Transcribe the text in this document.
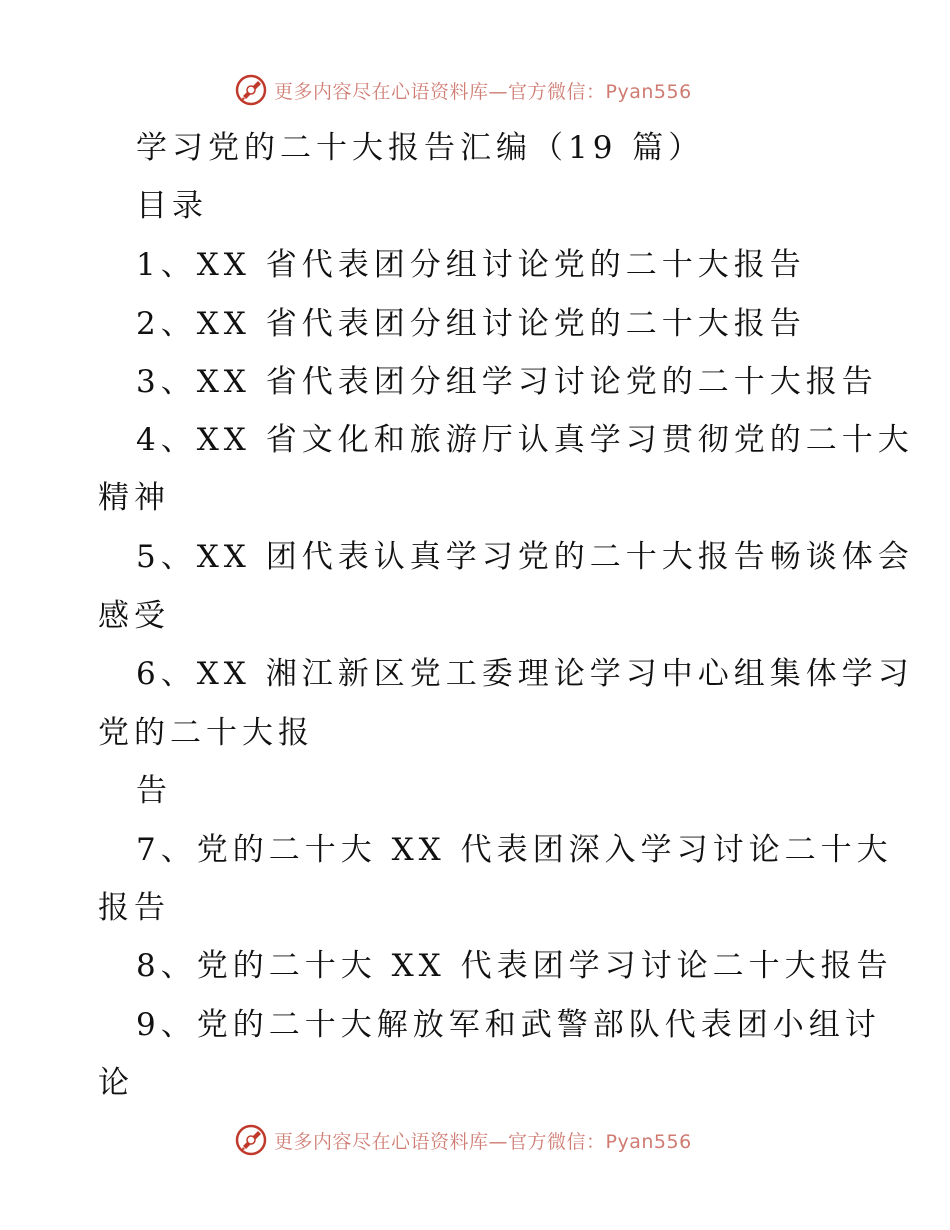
更多内容尽在心语资料库—官方微信：Pyan556
学习党的二十大报告汇编（19 篇）
目录
1、XX 省代表团分组讨论党的二十大报告
2、XX 省代表团分组讨论党的二十大报告
3、XX 省代表团分组学习讨论党的二十大报告
4、XX 省文化和旅游厅认真学习贯彻党的二十大
精神
5、XX 团代表认真学习党的二十大报告畅谈体会
感受
6、XX 湘江新区党工委理论学习中心组集体学习
党的二十大报
告
7、党的二十大 XX 代表团深入学习讨论二十大
报告
8、党的二十大 XX 代表团学习讨论二十大报告
9、党的二十大解放军和武警部队代表团小组讨
论
更多内容尽在心语资料库—官方微信：Pyan556
